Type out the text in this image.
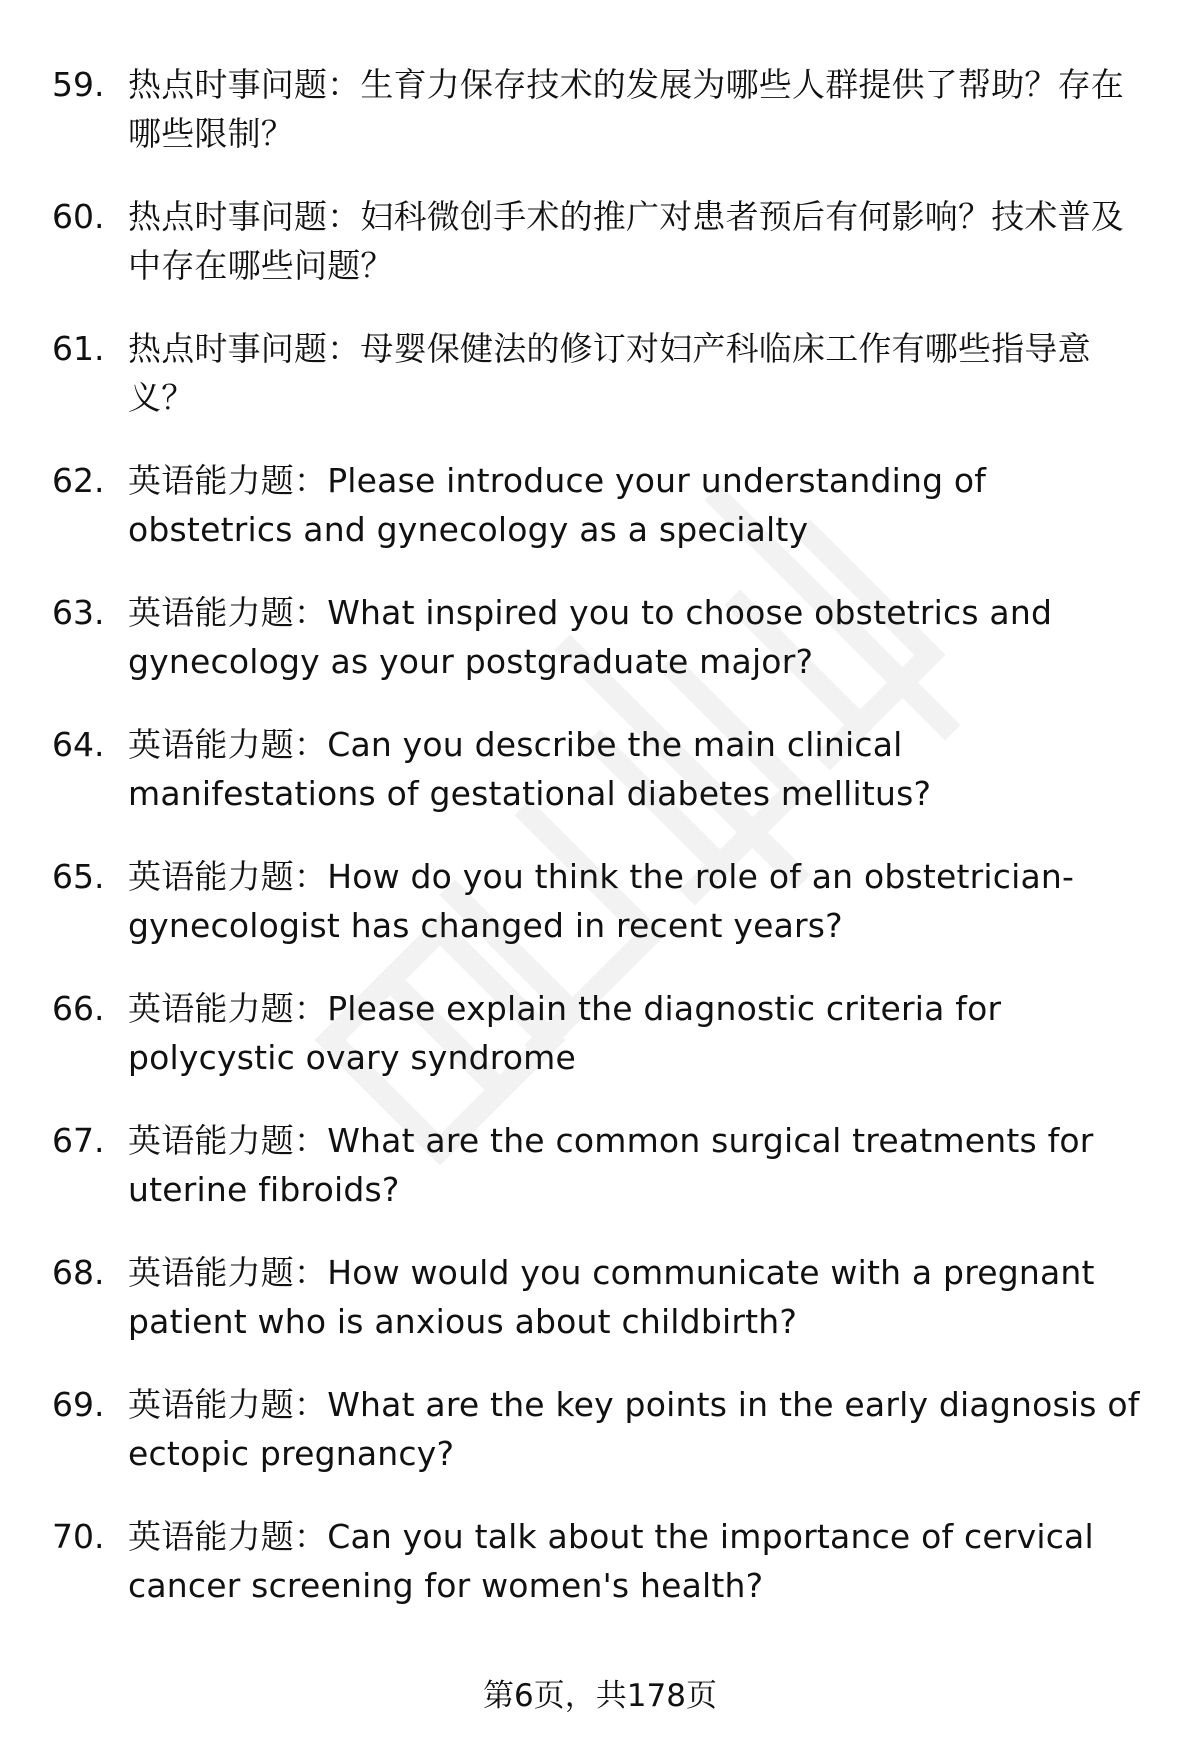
59. 热点时事问题：生育力保存技术的发展为哪些人群提供了帮助？存在哪些限制？
60. 热点时事问题：妇科微创手术的推广对患者预后有何影响？技术普及中存在哪些问题？
61. 热点时事问题：母婴保健法的修订对妇产科临床工作有哪些指导意义？
62. 英语能力题：Please introduce your understanding of obstetrics and gynecology as a specialty
63. 英语能力题：What inspired you to choose obstetrics and gynecology as your postgraduate major?
64. 英语能力题：Can you describe the main clinical manifestations of gestational diabetes mellitus?
65. 英语能力题：How do you think the role of an obstetrician-gynecologist has changed in recent years?
66. 英语能力题：Please explain the diagnostic criteria for polycystic ovary syndrome
67. 英语能力题：What are the common surgical treatments for uterine fibroids?
68. 英语能力题：How would you communicate with a pregnant patient who is anxious about childbirth?
69. 英语能力题：What are the key points in the early diagnosis of ectopic pregnancy?
70. 英语能力题：Can you talk about the importance of cervical cancer screening for women's health?
第6页，共178页
